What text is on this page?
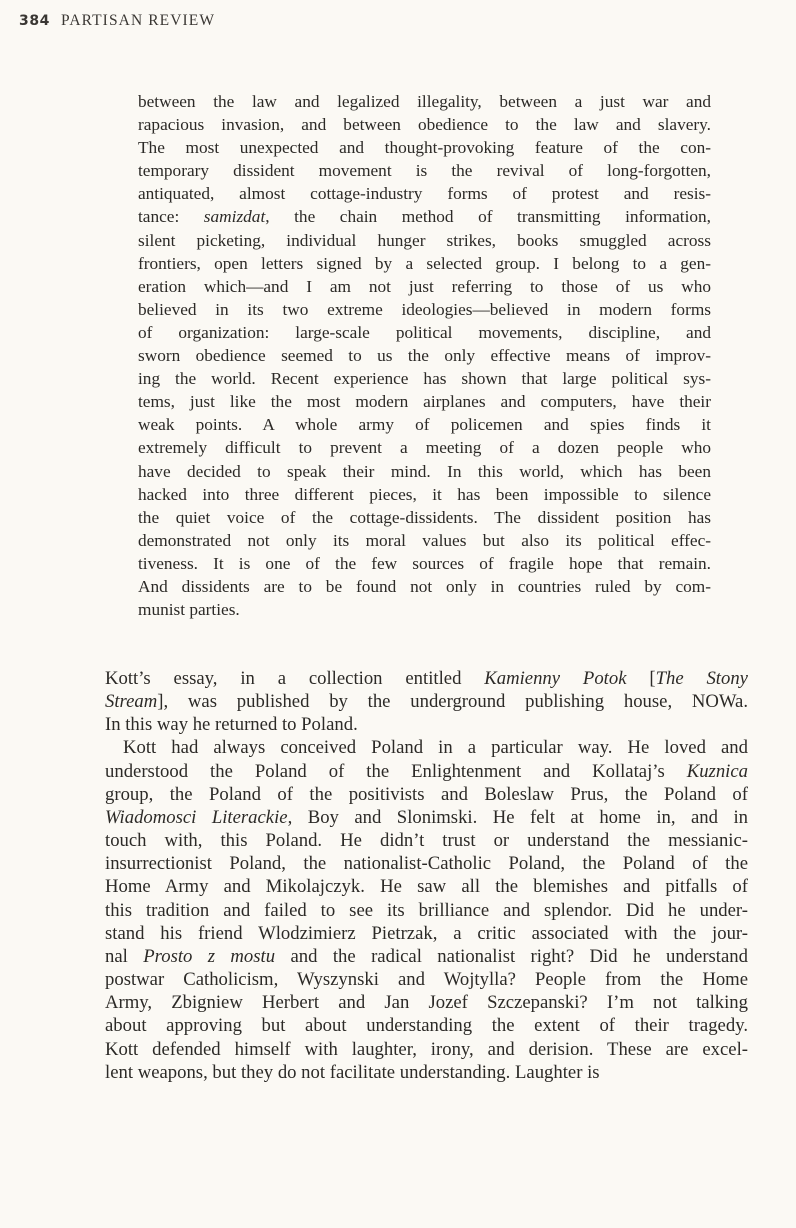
384 PARTISAN REVIEW
between the law and legalized illegality, between a just war and
rapacious invasion, and between obedience to the law and slavery.
The most unexpected and thought-provoking feature of the con-
temporary dissident movement is the revival of long-forgotten,
antiquated, almost cottage-industry forms of protest and resis-
tance: samizdat, the chain method of transmitting information,
silent picketing, individual hunger strikes, books smuggled across
frontiers, open letters signed by a selected group. I belong to a gen-
eration which—and I am not just referring to those of us who
believed in its two extreme ideologies—believed in modern forms
of organization: large-scale political movements, discipline, and
sworn obedience seemed to us the only effective means of improv-
ing the world. Recent experience has shown that large political sys-
tems, just like the most modern airplanes and computers, have their
weak points. A whole army of policemen and spies finds it
extremely difficult to prevent a meeting of a dozen people who
have decided to speak their mind. In this world, which has been
hacked into three different pieces, it has been impossible to silence
the quiet voice of the cottage-dissidents. The dissident position has
demonstrated not only its moral values but also its political effec-
tiveness. It is one of the few sources of fragile hope that remain.
And dissidents are to be found not only in countries ruled by com-
munist parties.

Kott’s essay, in a collection entitled Kamienny Potok [The Stony
Stream], was published by the underground publishing house, NOWa.
In this way he returned to Poland.

Kott had always conceived Poland in a particular way. He loved and
understood the Poland of the Enlightenment and Kollataj’s Kuznica
group, the Poland of the positivists and Boleslaw Prus, the Poland of
Wiadomosci Literackie, Boy and Slonimski. He felt at home in, and in
touch with, this Poland. He didn’t trust or understand the messianic-
insurrectionist Poland, the nationalist-Catholic Poland, the Poland of the
Home Army and Mikolajczyk. He saw all the blemishes and pitfalls of
this tradition and failed to see its brilliance and splendor. Did he under-
stand his friend Wlodzimierz Pietrzak, a critic associated with the jour-
nal Prosto z mostu and the radical nationalist right? Did he understand
postwar Catholicism, Wyszynski and Wojtylla? People from the Home
Army, Zbigniew Herbert and Jan Jozef Szczepanski? I’m not talking
about approving but about understanding the extent of their tragedy.
Kott defended himself with laughter, irony, and derision. These are excel-
lent weapons, but they do not facilitate understanding. Laughter is
